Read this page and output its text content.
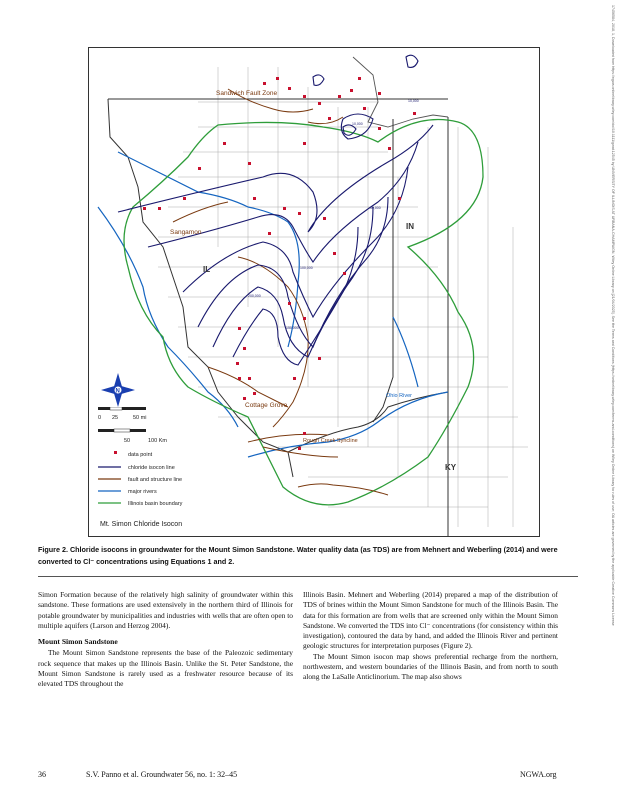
Sandwich Fault Zone
Sangamon
Cottage Grove
Rough Creek Syncline
Ohio River
IL
IN
KY
10,000
10,000
50,000
100,000
150,000
200,000
N
0 25	50 mi
50	100 Km
data point
chloride isocon line
fault and structure line
major rivers
Illinois basin boundary
Mt. Simon Chloride Isocon
Figure 2. Chloride isocons in groundwater for the Mount Simon Sandstone. Water quality data (as TDS) are from Mehnert and Weberling (2014) and were converted to Cl⁻ concentrations using Equations 1 and 2.

Simon Formation because of the relatively high salinity of groundwater within this sandstone. These formations are used extensively in the northern third of Illinois for potable groundwater by municipalities and industries with wells that are often open to multiple aquifers (Larson and Herzog 2004).

Mount Simon Sandstone

The Mount Simon Sandstone represents the base of the Paleozoic sedimentary rock sequence that makes up the Illinois Basin. Unlike the St. Peter Sandstone, the Mount Simon Sandstone is rarely used as a freshwater resource because of its elevated TDS throughout the

Illinois Basin. Mehnert and Weberling (2014) prepared a map of the distribution of TDS of brines within the Mount Simon Sandstone for much of the Illinois Basin. The data for this formation are from wells that are screened only within the Mount Simon Sandstone. We converted the TDS into Cl⁻ concentrations (for consistency within this investigation), contoured the data by hand, and added the Illinois River and pertinent geologic structures for interpretation purposes (Figure 2).

The Mount Simon isocon map shows preferential recharge from the northern, northwestern, and western boundaries of the Illinois Basin, and from north to south along the LaSalle Anticlinorium. The map also shows

36	S.V. Panno et al. Groundwater 56, no. 1: 32–45	NGWA.org
17456584, 2018, 1, Downloaded from https://ngwa.onlinelibrary.wiley.com/doi/10.1111/gwat.12545 by UNIVERSITY OF ILLINOIS AT URBANA-CHAMPAIGN, Wiley Online Library on [21/04/2025]. See the Terms and Conditions (https://onlinelibrary.wiley.com/terms-and-conditions) on Wiley Online Library for rules of use; OA articles are governed by the applicable Creative Commons License
